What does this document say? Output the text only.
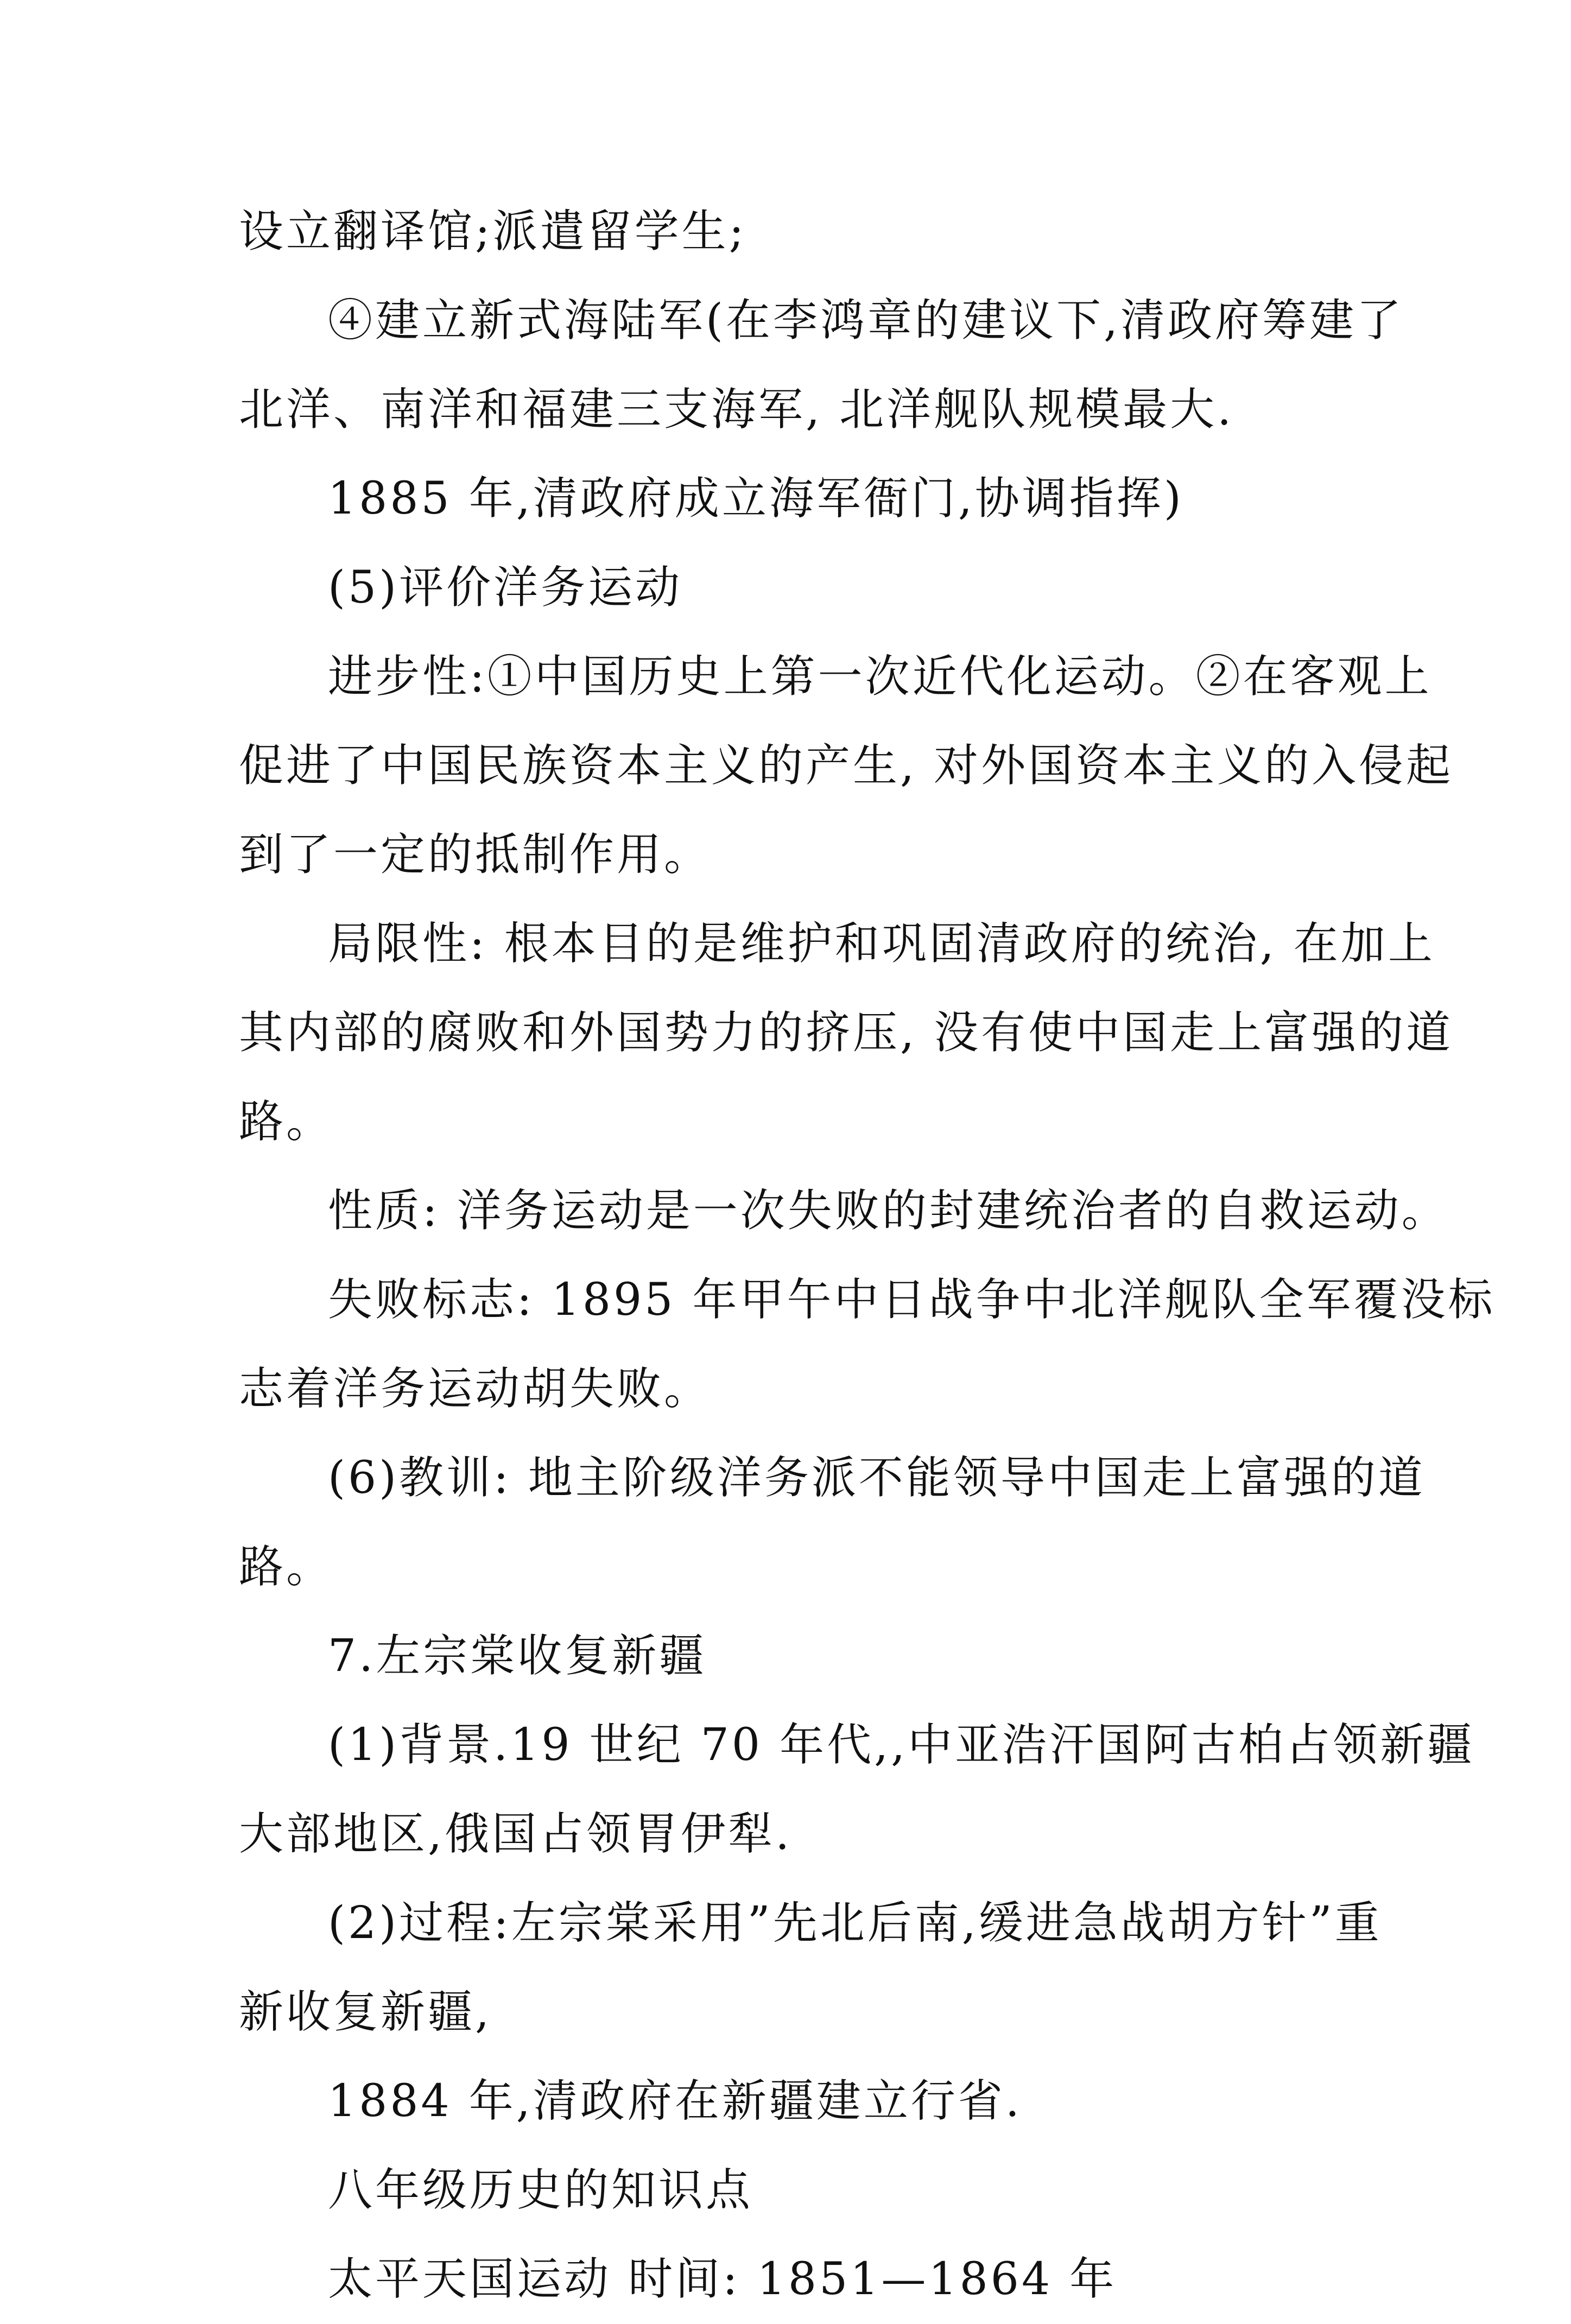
设立翻译馆;派遣留学生;

④建立新式海陆军(在李鸿章的建议下,清政府筹建了

北洋、南洋和福建三支海军, 北洋舰队规模最大.

1885 年,清政府成立海军衙门,协调指挥)

(5)评价洋务运动

进步性:①中国历史上第一次近代化运动。②在客观上

促进了中国民族资本主义的产生, 对外国资本主义的入侵起

到了一定的抵制作用。

局限性: 根本目的是维护和巩固清政府的统治, 在加上

其内部的腐败和外国势力的挤压, 没有使中国走上富强的道

路。

性质: 洋务运动是一次失败的封建统治者的自救运动。

失败标志: 1895 年甲午中日战争中北洋舰队全军覆没标

志着洋务运动胡失败。

(6)教训: 地主阶级洋务派不能领导中国走上富强的道

路。

7.左宗棠收复新疆

(1)背景.19 世纪 70 年代,,中亚浩汗国阿古柏占领新疆

大部地区,俄国占领胃伊犁.

(2)过程:左宗棠采用”先北后南,缓进急战胡方针”重

新收复新疆,

1884 年,清政府在新疆建立行省.

八年级历史的知识点

太平天国运动 时间: 1851—1864 年
